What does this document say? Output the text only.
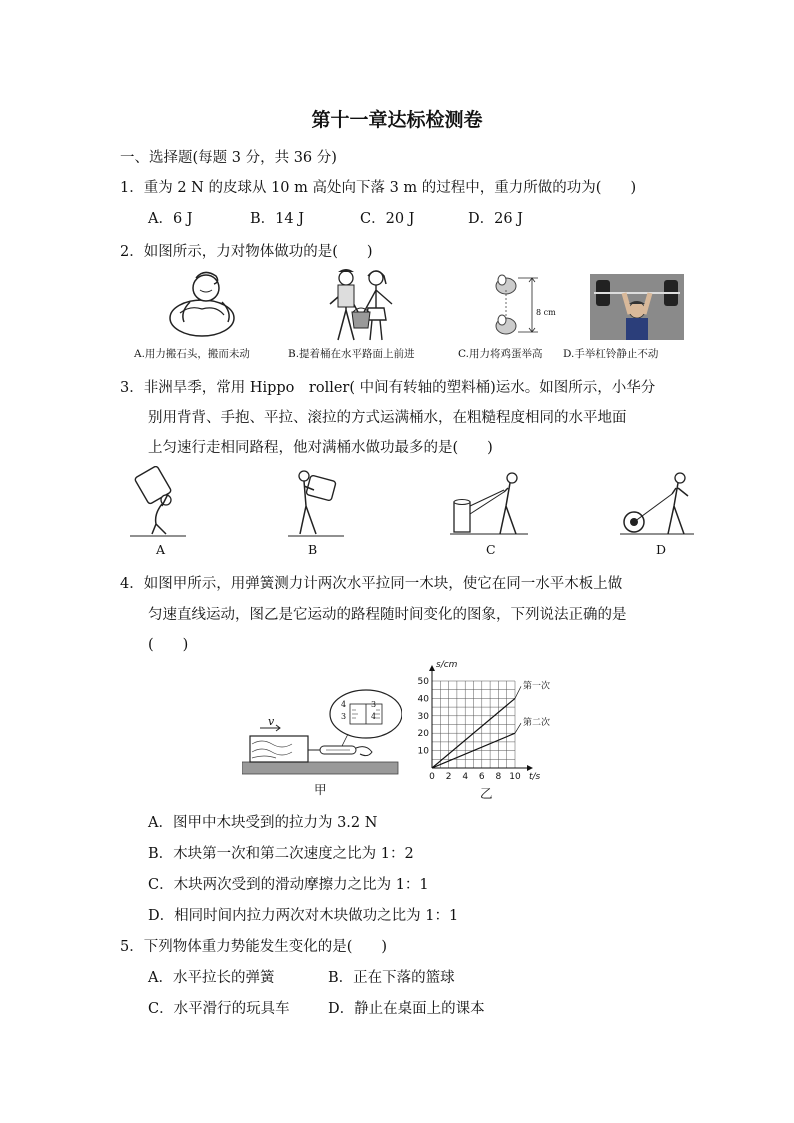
第十一章达标检测卷
一、选择题(每题 3 分，共 36 分)
1．重为 2 N 的皮球从 10 m 高处向下落 3 m 的过程中，重力所做的功为(　　)
A．6 J	B．14 J	C．20 J	D．26 J
2．如图所示，力对物体做功的是(　　)
8 cm
A.用力搬石头，搬而未动	B.提着桶在水平路面上前进	C.用力将鸡蛋举高 D.手举杠铃静止不动
3．非洲旱季，常用 Hippo　roller( 中间有转轴的塑料桶)运水。如图所示，小华分
别用背背、手抱、平拉、滚拉的方式运满桶水，在粗糙程度相同的水平地面
上匀速行走相同路程，他对满桶水做功最多的是(　　)
A	B	C	D
4．如图甲所示，用弹簧测力计两次水平拉同一木块，使它在同一水平木板上做
匀速直线运动，图乙是它运动的路程随时间变化的图象，下列说法正确的是
(　　)
v
4
3
3
4
甲
0 2 4 6 8 10
10
20
30
40
50
s/cm
t/s
第一次
第二次
乙
A．图甲中木块受到的拉力为 3.2 N
B．木块第一次和第二次速度之比为 1：2
C．木块两次受到的滑动摩擦力之比为 1：1
D．相同时间内拉力两次对木块做功之比为 1：1
5．下列物体重力势能发生变化的是(　　)
A．水平拉长的弹簧	B．正在下落的篮球
C．水平滑行的玩具车	D．静止在桌面上的课本
